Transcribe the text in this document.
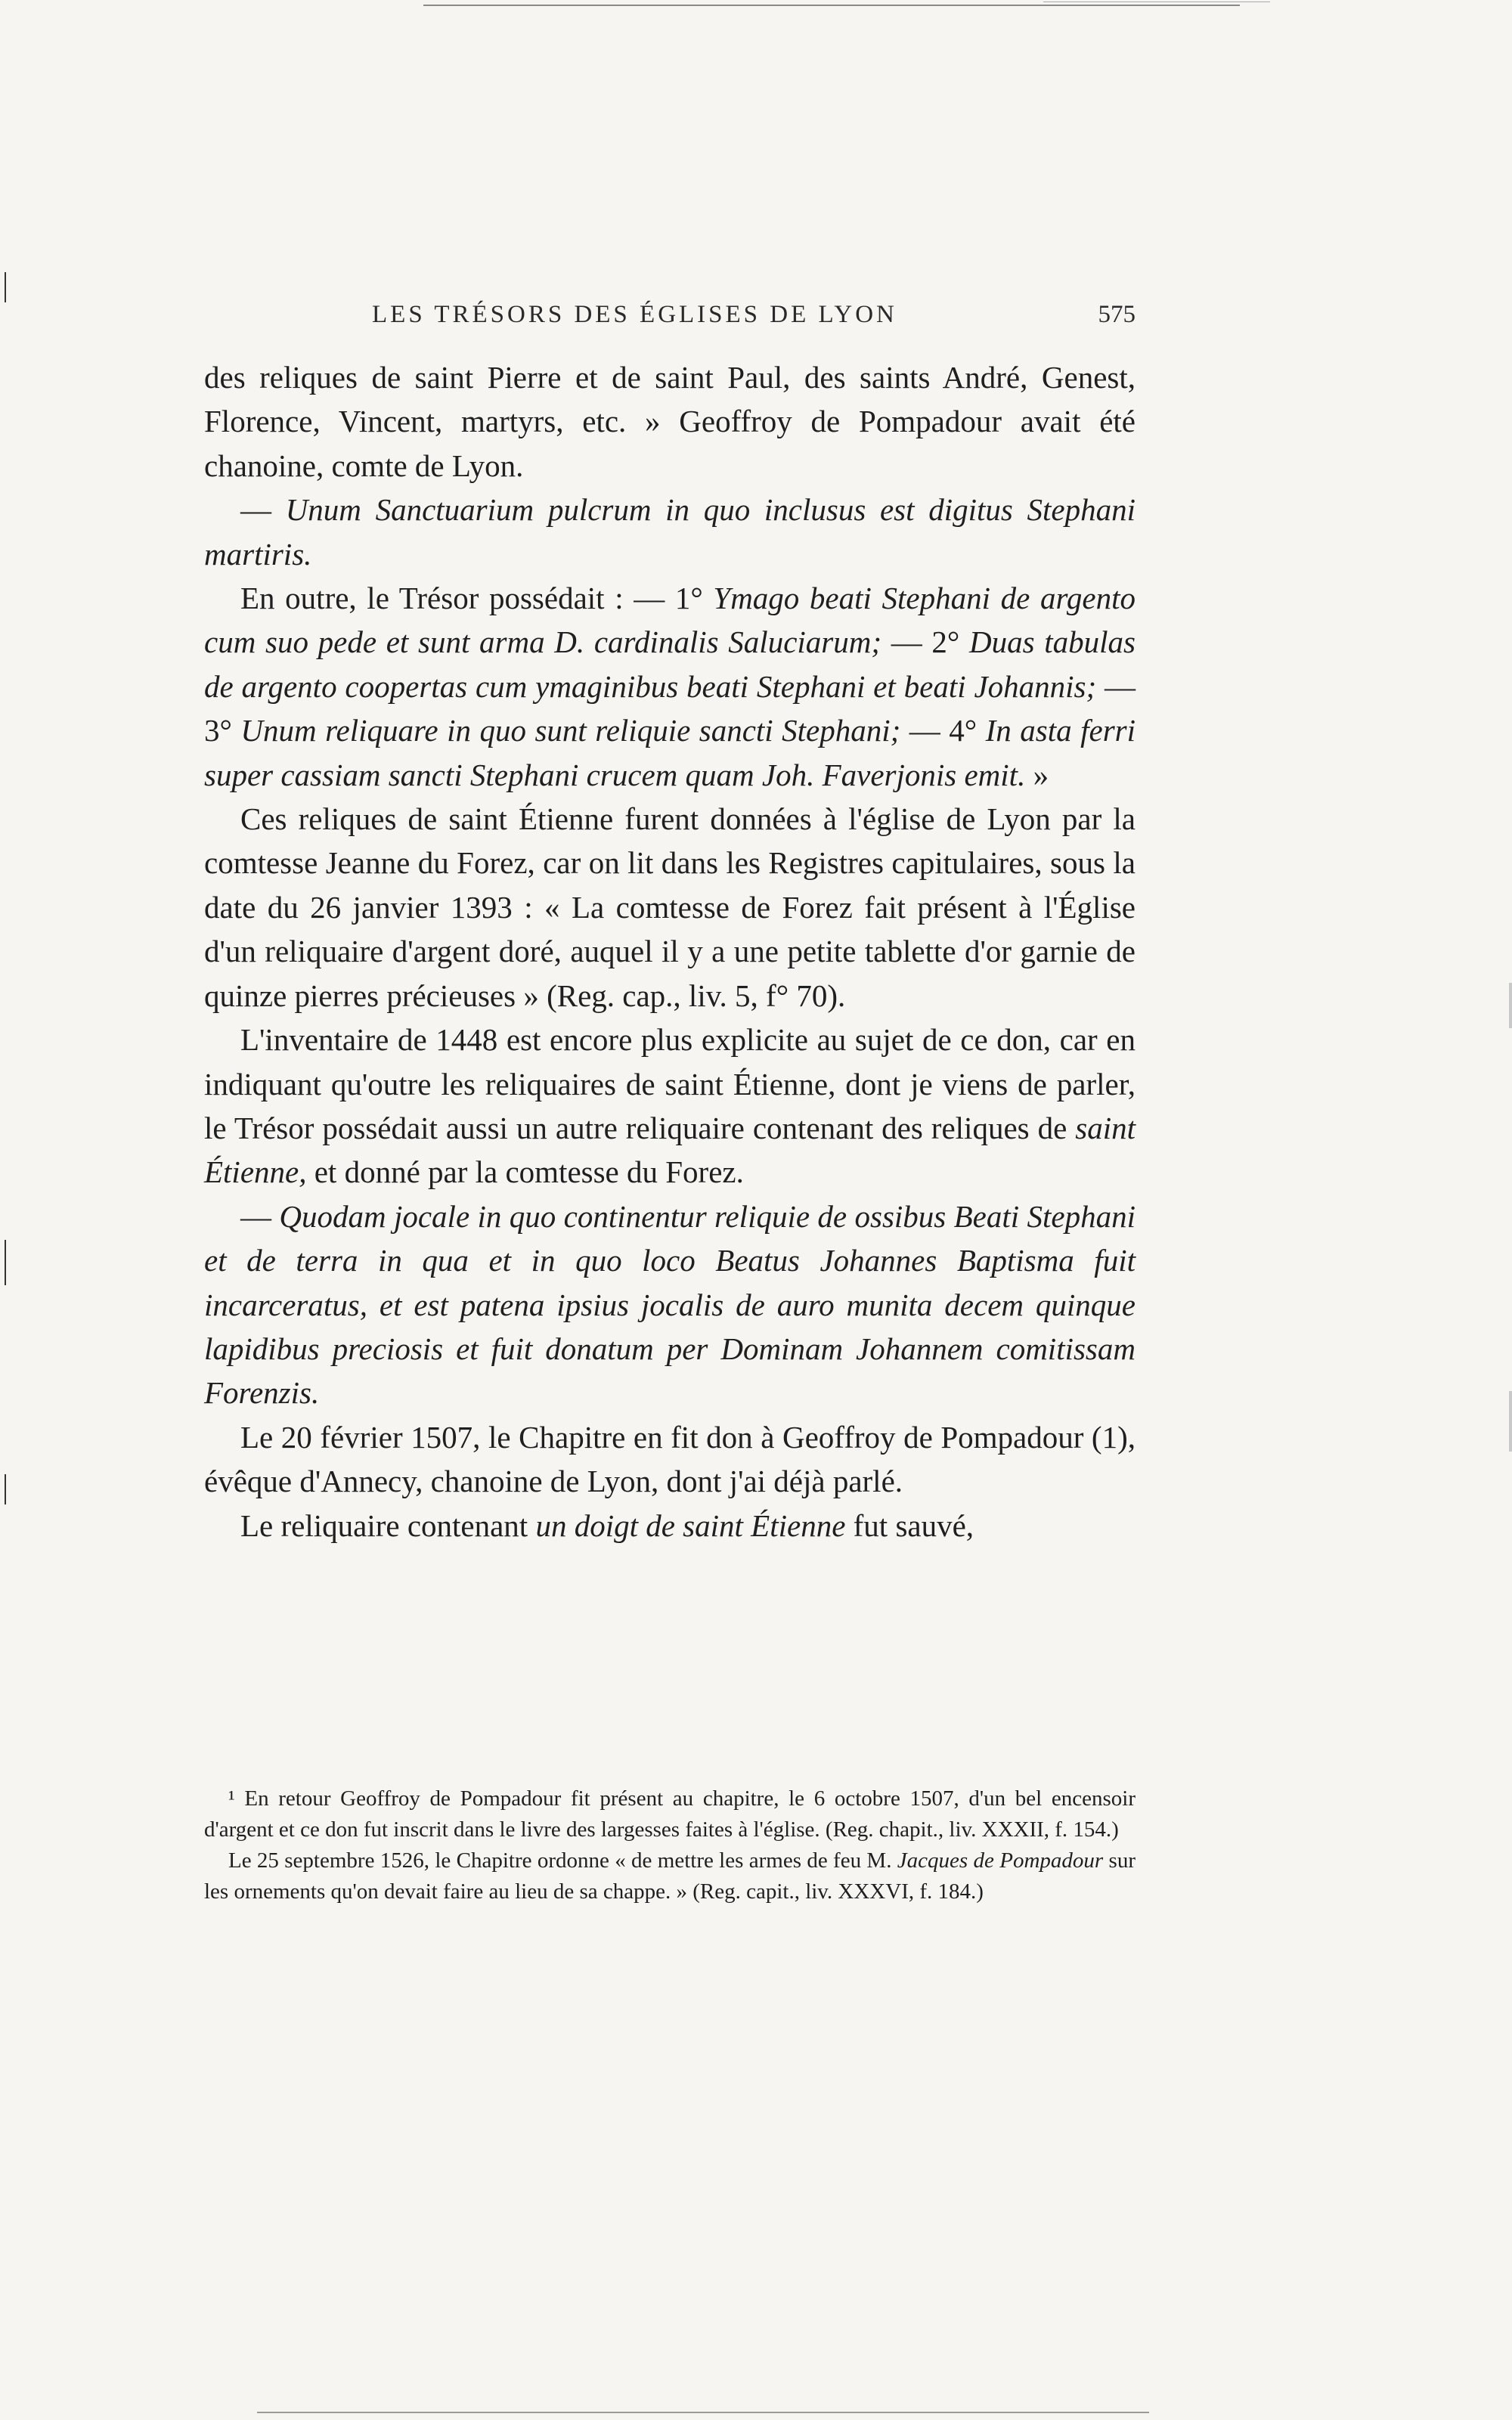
LES TRÉSORS DES ÉGLISES DE LYON	575

des reliques de saint Pierre et de saint Paul, des saints André, Genest, Florence, Vincent, martyrs, etc. » Geoffroy de Pompadour avait été chanoine, comte de Lyon.

— Unum Sanctuarium pulcrum in quo inclusus est digitus Stephani martiris.

En outre, le Trésor possédait : — 1° Ymago beati Stephani de argento cum suo pede et sunt arma D. cardinalis Saluciarum; — 2° Duas tabulas de argento coopertas cum ymaginibus beati Stephani et beati Johannis; — 3° Unum reliquare in quo sunt reliquie sancti Stephani; — 4° In asta ferri super cassiam sancti Stephani crucem quam Joh. Faverjonis emit. »

Ces reliques de saint Étienne furent données à l'église de Lyon par la comtesse Jeanne du Forez, car on lit dans les Registres capitulaires, sous la date du 26 janvier 1393 : « La comtesse de Forez fait présent à l'Église d'un reliquaire d'argent doré, auquel il y a une petite tablette d'or garnie de quinze pierres précieuses » (Reg. cap., liv. 5, f° 70).

L'inventaire de 1448 est encore plus explicite au sujet de ce don, car en indiquant qu'outre les reliquaires de saint Étienne, dont je viens de parler, le Trésor possédait aussi un autre reliquaire contenant des reliques de saint Étienne, et donné par la comtesse du Forez.

— Quodam jocale in quo continentur reliquie de ossibus Beati Stephani et de terra in qua et in quo loco Beatus Johannes Baptisma fuit incarceratus, et est patena ipsius jocalis de auro munita decem quinque lapidibus preciosis et fuit donatum per Dominam Johannem comitissam Forenzis.

Le 20 février 1507, le Chapitre en fit don à Geoffroy de Pompadour (1), évêque d'Annecy, chanoine de Lyon, dont j'ai déjà parlé.

Le reliquaire contenant un doigt de saint Étienne fut sauvé,

¹ En retour Geoffroy de Pompadour fit présent au chapitre, le 6 octobre 1507, d'un bel encensoir d'argent et ce don fut inscrit dans le livre des largesses faites à l'église. (Reg. chapit., liv. XXXII, f. 154.)

Le 25 septembre 1526, le Chapitre ordonne « de mettre les armes de feu M. Jacques de Pompadour sur les ornements qu'on devait faire au lieu de sa chappe. » (Reg. capit., liv. XXXVI, f. 184.)
